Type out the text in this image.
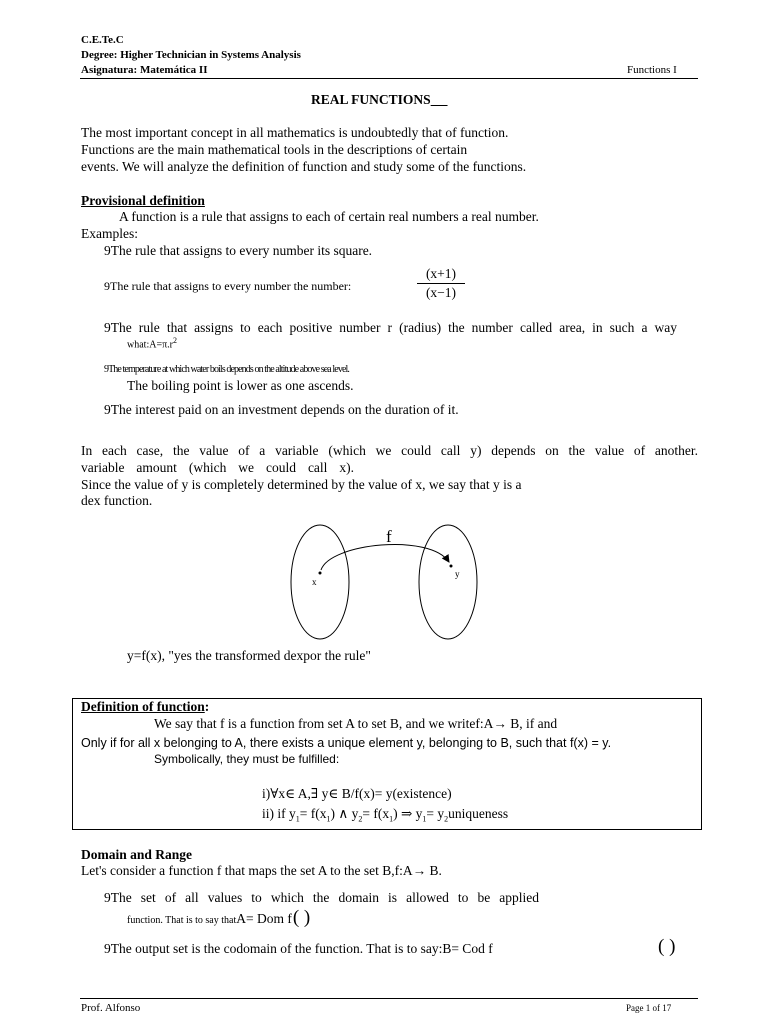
C.E.Te.C
Degree: Higher Technician in Systems Analysis
Asignatura: Matemática II	Functions I
REAL FUNCTIONS
The most important concept in all mathematics is undoubtedly that of function.
Functions are the main mathematical tools in the descriptions of certain
events. We will analyze the definition of function and study some of the functions.
Provisional definition
A function is a rule that assigns to each of certain real numbers a real number.
Examples:
9The rule that assigns to every number its square.
9The rule that assigns to every number the number:
(x+1)
(x−1)
9The rule that assigns to each positive number r (radius) the number called area, in such a way
$what:A=\pi.r^2$
9The temperature at which water boils depends on the altitude above sea level.
The boiling point is lower as one ascends.
9The interest paid on an investment depends on the duration of it.
In each case, the value of a variable (which we could call y) depends on the value of another.
variable amount (which we could call x).
Since the value of y is completely determined by the value of x, we say that y is a
dex function.
f
x
y
y=f(x), "yes the transformed dexpor the rule"
Definition of function:
We say that f is a function from set A to set B, and we writef:A→ B, if and
Only if for all x belonging to A, there exists a unique element y, belonging to B, such that f(x) = y.
Symbolically, they must be fulfilled:
i)∀x∈ A,∃ y∈ B/f(x)= y(existence)
ii) if $y_1= f(x_1)$ ∧ $y_2= f(x_1)$ ⇒ $y_1=$ $y_2uniqueness$
Domain and Range
Let's consider a function f that maps the set A to the set B,f:A→ B.
9The set of all values to which the domain is allowed to be applied
function. That is to say thatA= Dom f( )
9The output set is the codomain of the function. That is to say:B= Cod f	( )
Prof. Alfonso	Page 1 of 17
